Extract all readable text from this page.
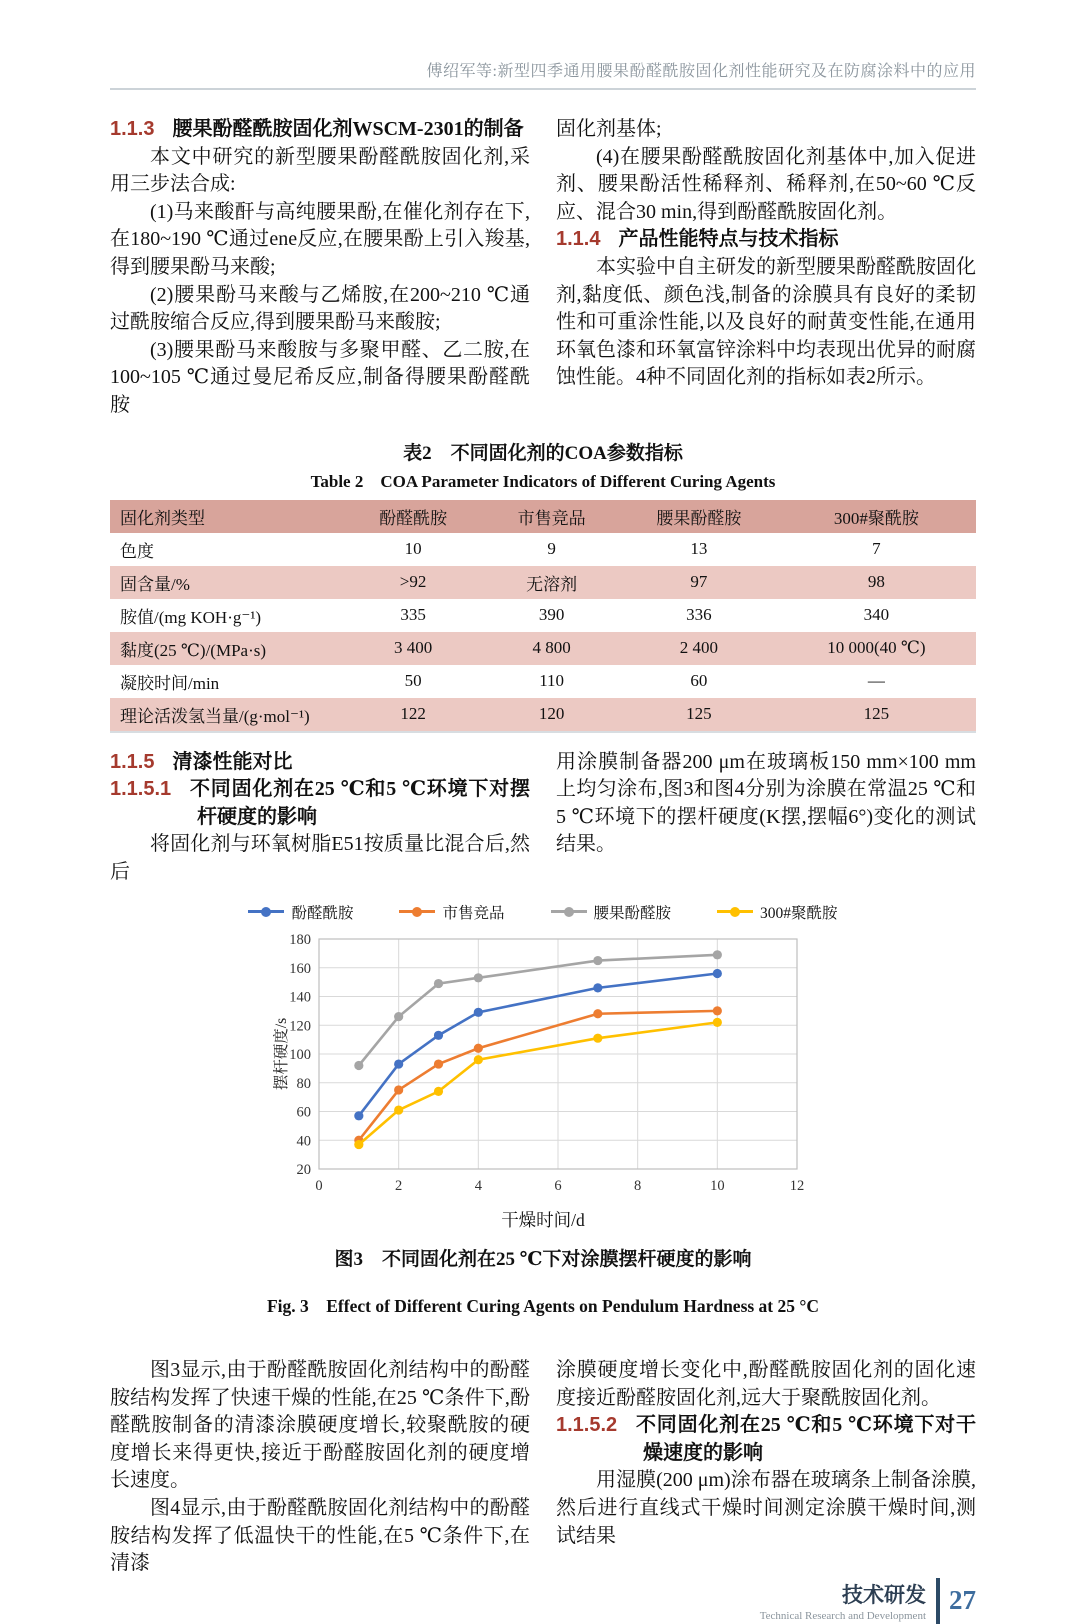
傅绍军等:新型四季通用腰果酚醛酰胺固化剂性能研究及在防腐涂料中的应用
1.1.3 腰果酚醛酰胺固化剂WSCM-2301的制备

本文中研究的新型腰果酚醛酰胺固化剂,采用三步法合成:

(1)马来酸酐与高纯腰果酚,在催化剂存在下,在180~190 ℃通过ene反应,在腰果酚上引入羧基,得到腰果酚马来酸;

(2)腰果酚马来酸与乙烯胺,在200~210 ℃通过酰胺缩合反应,得到腰果酚马来酸胺;

(3)腰果酚马来酸胺与多聚甲醛、乙二胺,在100~105 ℃通过曼尼希反应,制备得腰果酚醛酰胺

固化剂基体;

(4)在腰果酚醛酰胺固化剂基体中,加入促进剂、腰果酚活性稀释剂、稀释剂,在50~60 ℃反应、混合30 min,得到酚醛酰胺固化剂。

1.1.4 产品性能特点与技术指标

本实验中自主研发的新型腰果酚醛酰胺固化剂,黏度低、颜色浅,制备的涂膜具有良好的柔韧性和可重涂性能,以及良好的耐黄变性能,在通用环氧色漆和环氧富锌涂料中均表现出优异的耐腐蚀性能。4种不同固化剂的指标如表2所示。

表2　不同固化剂的COA参数指标

Table 2　COA Parameter Indicators of Different Curing Agents

固化剂类型	酚醛酰胺	市售竞品	腰果酚醛胺	300#聚酰胺
色度	10	9	13	7
固含量/%	>92	无溶剂	97	98
胺值/(mg KOH·g⁻¹)	335	390	336	340
黏度(25 ℃)/(MPa·s)	3 400	4 800	2 400	10 000(40 ℃)
凝胶时间/min	50	110	60	—
理论活泼氢当量/(g·mol⁻¹)	122	120	125	125
1.1.5 清漆性能对比
1.1.5.1 不同固化剂在25 ℃和5 ℃环境下对摆杆硬度的影响

将固化剂与环氧树脂E51按质量比混合后,然后

用涂膜制备器200 μm在玻璃板150 mm×100 mm上均匀涂布,图3和图4分别为涂膜在常温25 ℃和5 ℃环境下的摆杆硬度(K摆,摆幅6°)变化的测试结果。

酚醛酰胺	市售竞品	腰果酚醛胺	300#聚酰胺
20
40
60
80
100
120
140
160
180
0	2	4	6	8	10	12
摆杆硬度/s
干燥时间/d

图3　不同固化剂在25 ℃下对涂膜摆杆硬度的影响

Fig. 3　Effect of Different Curing Agents on Pendulum Hardness at 25 °C

图3显示,由于酚醛酰胺固化剂结构中的酚醛胺结构发挥了快速干燥的性能,在25 ℃条件下,酚醛酰胺制备的清漆涂膜硬度增长,较聚酰胺的硬度增长来得更快,接近于酚醛胺固化剂的硬度增长速度。

图4显示,由于酚醛酰胺固化剂结构中的酚醛胺结构发挥了低温快干的性能,在5 ℃条件下,在清漆

涂膜硬度增长变化中,酚醛酰胺固化剂的固化速度接近酚醛胺固化剂,远大于聚酰胺固化剂。

1.1.5.2 不同固化剂在25 ℃和5 ℃环境下对干燥速度的影响

用湿膜(200 μm)涂布器在玻璃条上制备涂膜,然后进行直线式干燥时间测定涂膜干燥时间,测试结果

技术研发
Technical Research and Development
27
